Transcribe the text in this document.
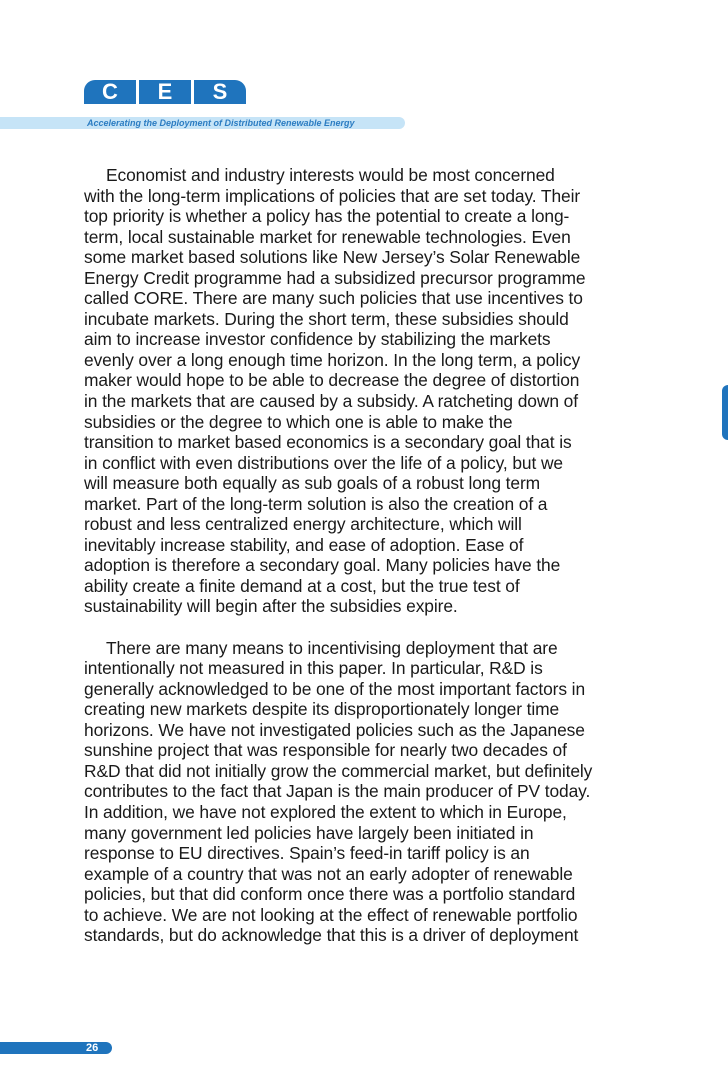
C	E	S
Accelerating the Deployment of Distributed Renewable Energy
Economist and industry interests would be most concerned
with the long-term implications of policies that are set today. Their
top priority is whether a policy has the potential to create a long-
term, local sustainable market for renewable technologies. Even
some market based solutions like New Jersey’s Solar Renewable
Energy Credit programme had a subsidized precursor programme
called CORE. There are many such policies that use incentives to
incubate markets. During the short term, these subsidies should
aim to increase investor confidence by stabilizing the markets
evenly over a long enough time horizon. In the long term, a policy
maker would hope to be able to decrease the degree of distortion
in the markets that are caused by a subsidy. A ratcheting down of
subsidies or the degree to which one is able to make the
transition to market based economics is a secondary goal that is
in conflict with even distributions over the life of a policy, but we
will measure both equally as sub goals of a robust long term
market. Part of the long-term solution is also the creation of a
robust and less centralized energy architecture, which will
inevitably increase stability, and ease of adoption. Ease of
adoption is therefore a secondary goal. Many policies have the
ability create a finite demand at a cost, but the true test of
sustainability will begin after the subsidies expire.
There are many means to incentivising deployment that are
intentionally not measured in this paper. In particular, R&D is
generally acknowledged to be one of the most important factors in
creating new markets despite its disproportionately longer time
horizons. We have not investigated policies such as the Japanese
sunshine project that was responsible for nearly two decades of
R&D that did not initially grow the commercial market, but definitely
contributes to the fact that Japan is the main producer of PV today.
In addition, we have not explored the extent to which in Europe,
many government led policies have largely been initiated in
response to EU directives. Spain’s feed-in tariff policy is an
example of a country that was not an early adopter of renewable
policies, but that did conform once there was a portfolio standard
to achieve. We are not looking at the effect of renewable portfolio
standards, but do acknowledge that this is a driver of deployment
26
